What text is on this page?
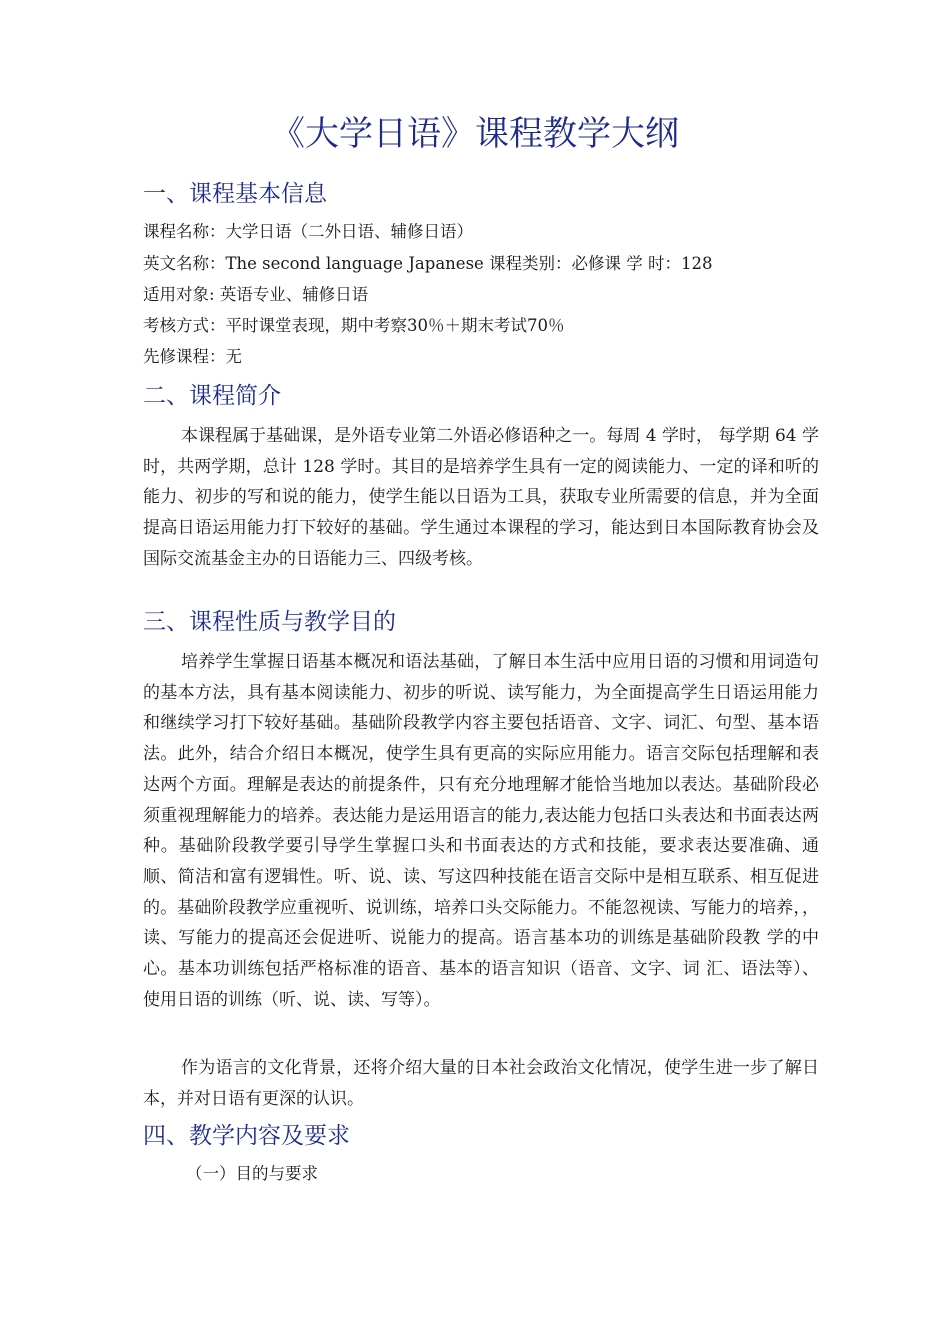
《大学日语》课程教学大纲
一、课程基本信息
课程名称：大学日语（二外日语、辅修日语）
英文名称：The second language Japanese 课程类别：必修课 学 时：128
适用对象: 英语专业、辅修日语
考核方式：平时课堂表现，期中考察30％＋期末考试70％
先修课程：无
二、课程简介

本课程属于基础课，是外语专业第二外语必修语种之一。每周 4 学时， 每学期 64 学时，共两学期，总计 128 学时。其目的是培养学生具有一定的阅读能力、一定的译和听的能力、初步的写和说的能力，使学生能以日语为工具，获取专业所需要的信息，并为全面提高日语运用能力打下较好的基础。学生通过本课程的学习，能达到日本国际教育协会及国际交流基金主办的日语能力三、四级考核。

三、课程性质与教学目的

培养学生掌握日语基本概况和语法基础，了解日本生活中应用日语的习惯和用词造句的基本方法，具有基本阅读能力、初步的听说、读写能力，为全面提高学生日语运用能力和继续学习打下较好基础。基础阶段教学内容主要包括语音、文字、词汇、句型、基本语法。此外，结合介绍日本概况，使学生具有更高的实际应用能力。语言交际包括理解和表达两个方面。理解是表达的前提条件，只有充分地理解才能恰当地加以表达。基础阶段必须重视理解能力的培养。表达能力是运用语言的能力,表达能力包括口头表达和书面表达两种。基础阶段教学要引导学生掌握口头和书面表达的方式和技能，要求表达要准确、通顺、简洁和富有逻辑性。听、说、读、写这四种技能在语言交际中是相互联系、相互促进的。基础阶段教学应重视听、说训练，培养口头交际能力。不能忽视读、写能力的培养，， 读、写能力的提高还会促进听、说能力的提高。语言基本功的训练是基础阶段教 学的中心。基本功训练包括严格标准的语音、基本的语言知识（语音、文字、词 汇、语法等）、使用日语的训练（听、说、读、写等）。

作为语言的文化背景，还将介绍大量的日本社会政治文化情况，使学生进一步了解日本，并对日语有更深的认识。

四、教学内容及要求
（一）目的与要求
